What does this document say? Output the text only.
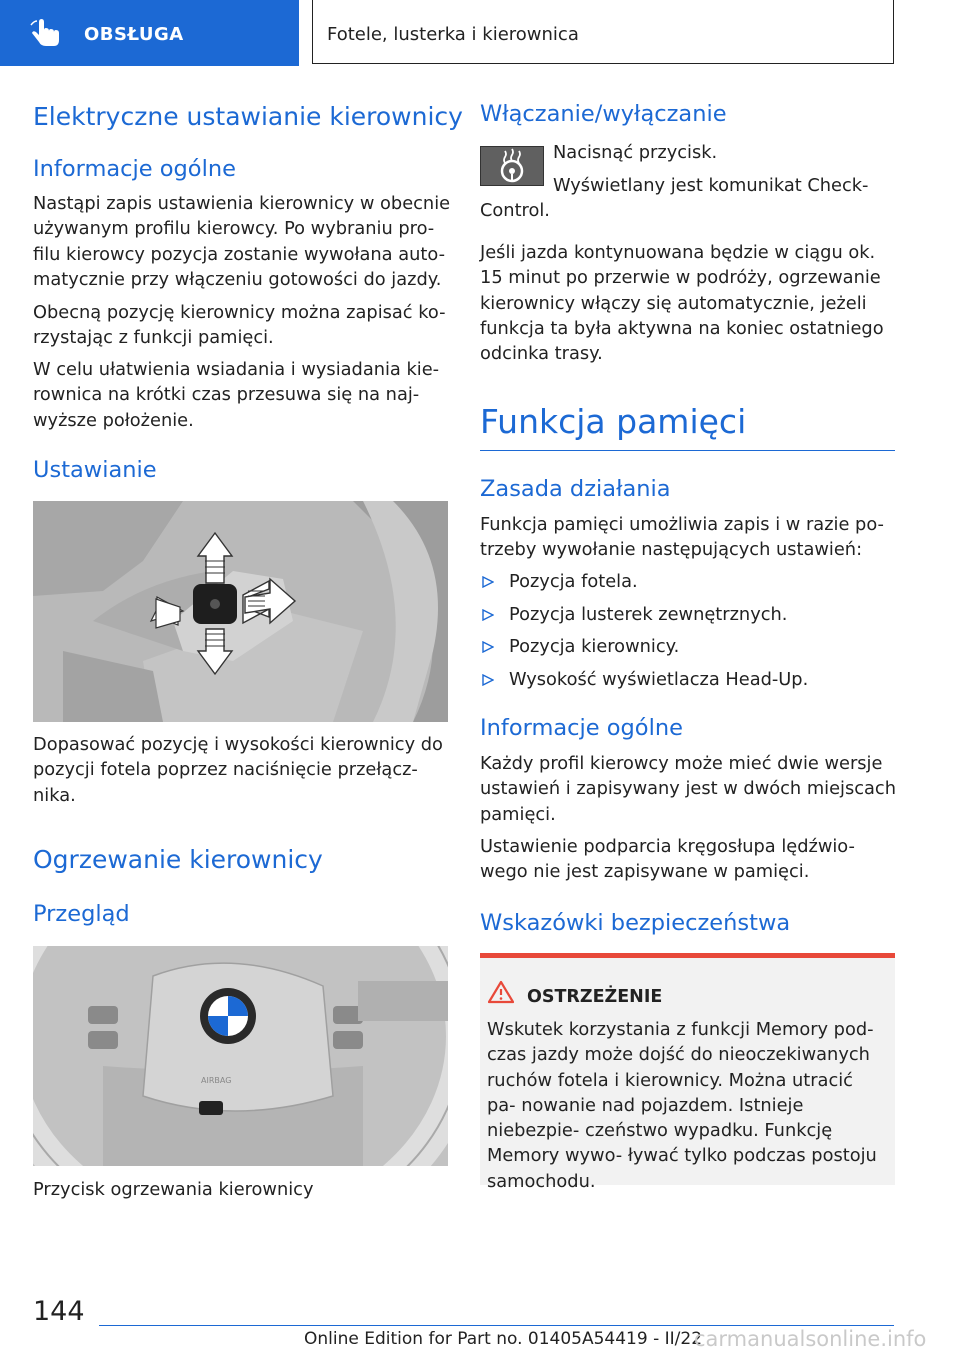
OBSŁUGA	Fotele, lusterka i kierownica
Elektryczne ustawianie kierownicy
Informacje ogólne

Nastąpi zapis ustawienia kierownicy w obecnie używanym profilu kierowcy. Po wybraniu pro- filu kierowcy pozycja zostanie wywołana auto- matycznie przy włączeniu gotowości do jazdy.

Obecną pozycję kierownicy można zapisać ko- rzystając z funkcji pamięci.

W celu ułatwienia wsiadania i wysiadania kie- rownica na krótki czas przesuwa się na naj- wyższe położenie.

Ustawianie

Dopasować pozycję i wysokości kierownicy do pozycji fotela poprzez naciśnięcie przełącz- nika.

Ogrzewanie kierownicy
Przegląd
AIRBAG

Przycisk ogrzewania kierownicy

Włączanie/wyłączanie

Nacisnąć przycisk.

Wyświetlany jest komunikat Check- Control.

Jeśli jazda kontynuowana będzie w ciągu ok. 15 minut po przerwie w podróży, ogrzewanie kierownicy włączy się automatycznie, jeżeli funkcja ta była aktywna na koniec ostatniego odcinka trasy.

Funkcja pamięci
Zasada działania

Funkcja pamięci umożliwia zapis i w razie po- trzeby wywołanie następujących ustawień:

Pozycja fotela.
Pozycja lusterek zewnętrznych.
Pozycja kierownicy.
Wysokość wyświetlacza Head-Up.
Informacje ogólne

Każdy profil kierowcy może mieć dwie wersje ustawień i zapisywany jest w dwóch miejscach pamięci.

Ustawienie podparcia kręgosłupa lędźwio- wego nie jest zapisywane w pamięci.

Wskazówki bezpieczeństwa
OSTRZEŻENIE

Wskutek korzystania z funkcji Memory pod- czas jazdy może dojść do nieoczekiwanych ruchów fotela i kierownicy. Można utracić pa- nowanie nad pojazdem. Istnieje niebezpie- czeństwo wypadku. Funkcję Memory wywo- ływać tylko podczas postoju samochodu.

144
Online Edition for Part no. 01405A54419 - II/22
carmanualsonline.info
